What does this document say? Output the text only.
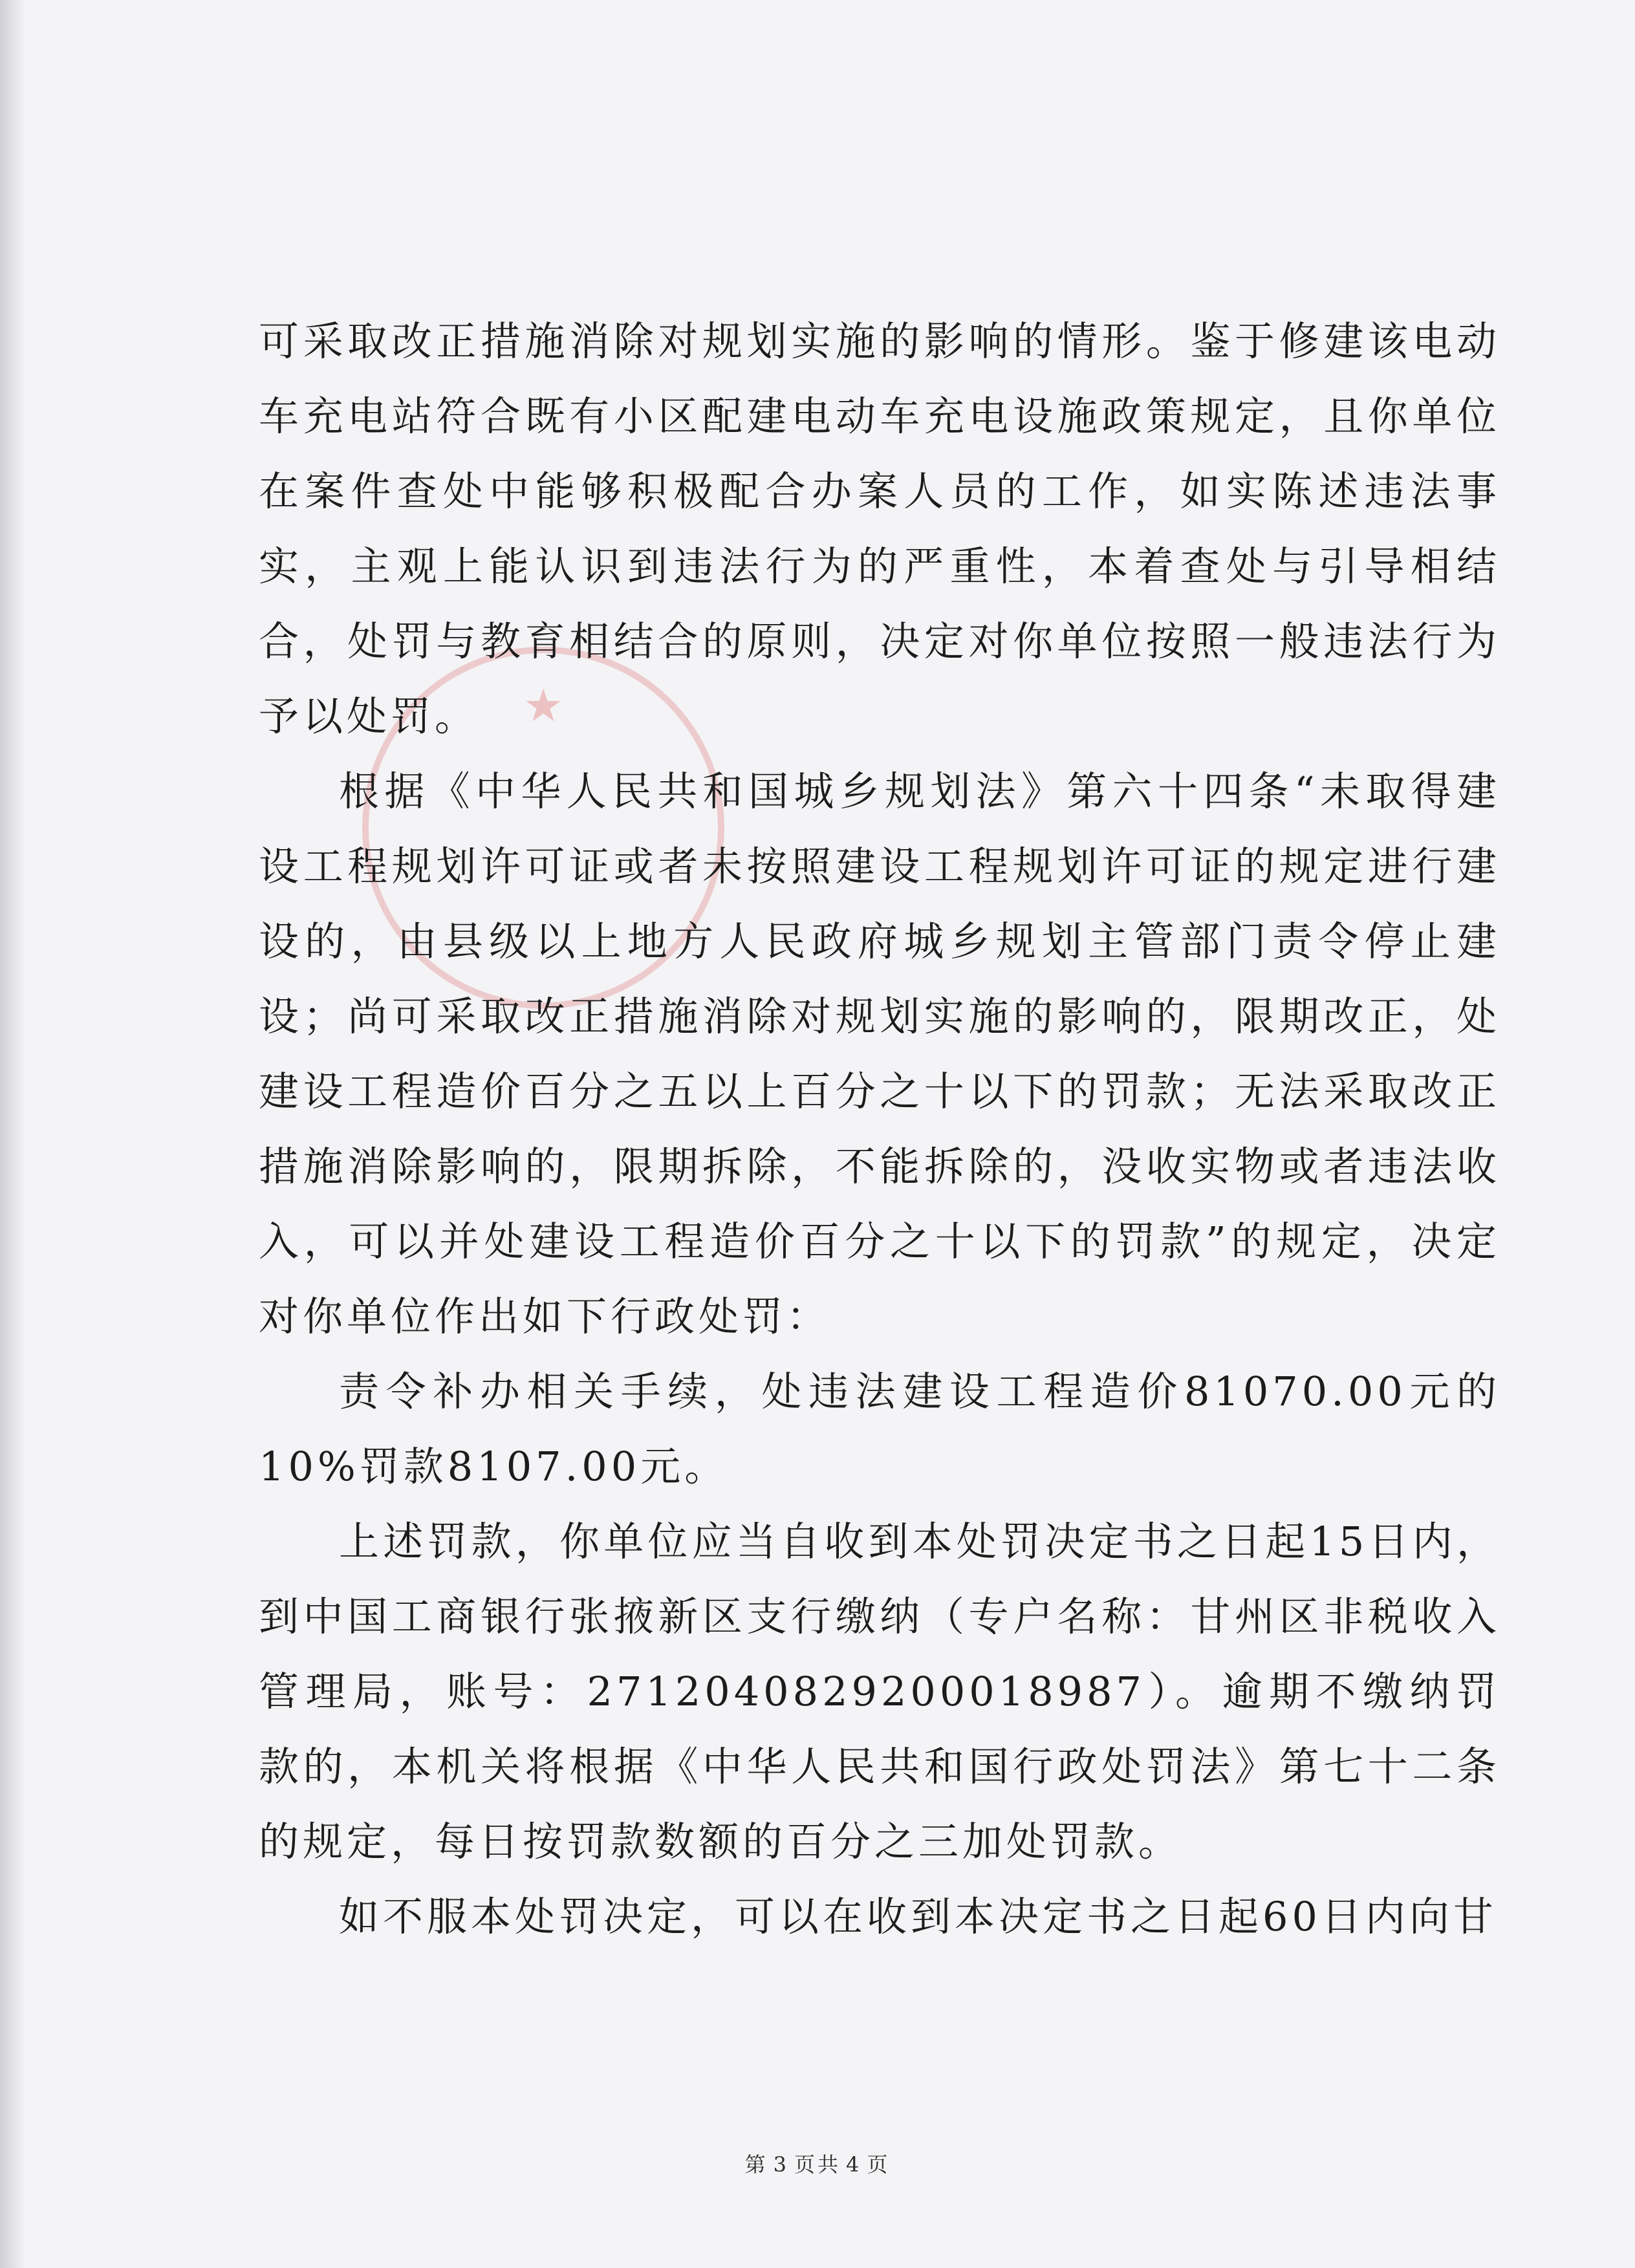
★

可采取改正措施消除对规划实施的影响的情形。鉴于修建该电动车充电站符合既有小区配建电动车充电设施政策规定，且你单位在案件查处中能够积极配合办案人员的工作，如实陈述违法事实，主观上能认识到违法行为的严重性，本着查处与引导相结合，处罚与教育相结合的原则，决定对你单位按照一般违法行为予以处罚。

根据《中华人民共和国城乡规划法》第六十四条“未取得建设工程规划许可证或者未按照建设工程规划许可证的规定进行建设的，由县级以上地方人民政府城乡规划主管部门责令停止建设；尚可采取改正措施消除对规划实施的影响的，限期改正，处建设工程造价百分之五以上百分之十以下的罚款；无法采取改正措施消除影响的，限期拆除，不能拆除的，没收实物或者违法收入，可以并处建设工程造价百分之十以下的罚款”的规定，决定对你单位作出如下行政处罚：

责令补办相关手续，处违法建设工程造价81070.00元的10%罚款8107.00元。

上述罚款，你单位应当自收到本处罚决定书之日起15日内，到中国工商银行张掖新区支行缴纳（专户名称：甘州区非税收入管理局，账号：2712040829200018987）。逾期不缴纳罚款的，本机关将根据《中华人民共和国行政处罚法》第七十二条的规定，每日按罚款数额的百分之三加处罚款。

如不服本处罚决定，可以在收到本决定书之日起60日内向甘

第 3 页共 4 页
